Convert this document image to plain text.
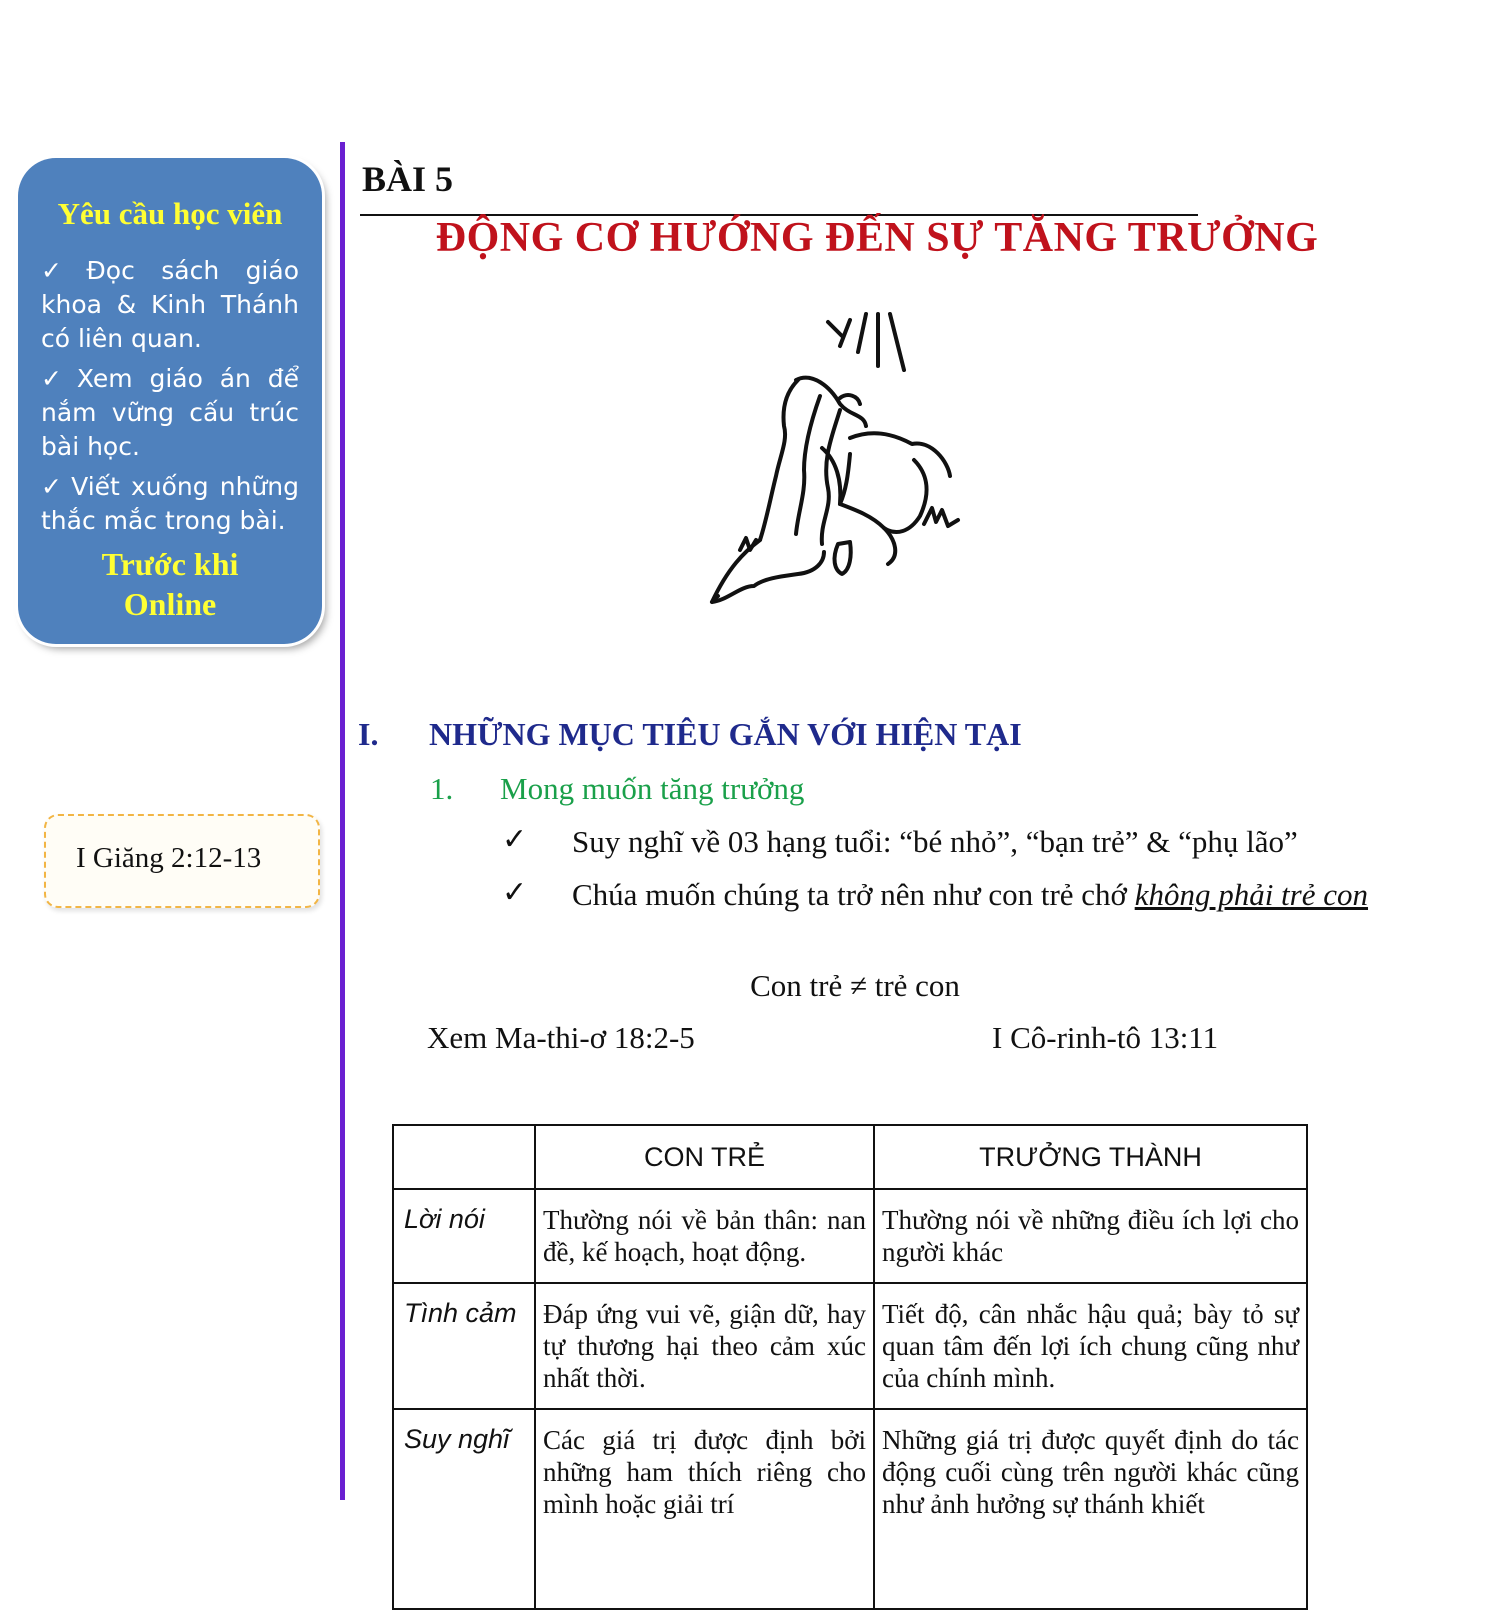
Yêu cầu học viên
✓ Đọc sách giáo khoa & Kinh Thánh có liên quan.
✓ Xem giáo án để nắm vững cấu trúc bài học.
✓ Viết xuống những thắc mắc trong bài.
Trước khi
Online
I Giăng 2:12-13
BÀI 5
ĐỘNG CƠ HƯỚNG ĐẾN SỰ TĂNG TRƯỞNG
I. NHỮNG MỤC TIÊU GẮN VỚI HIỆN TẠI
1. Mong muốn tăng trưởng
✓ Suy nghĩ về 03 hạng tuổi: “bé nhỏ”, “bạn trẻ” & “phụ lão”
✓ Chúa muốn chúng ta trở nên như con trẻ chớ không phải trẻ con
Con trẻ ≠ trẻ con
Xem Ma-thi-ơ 18:2-5	I Cô-rinh-tô 13:11
	CON TRẺ	TRƯỞNG THÀNH
Lời nói	Thường nói về bản thân: nan đề, kế hoạch, hoạt động.	Thường nói về những điều ích lợi cho người khác
Tình cảm	Đáp ứng vui vẽ, giận dữ, hay tự thương hại theo cảm xúc nhất thời.	Tiết độ, cân nhắc hậu quả; bày tỏ sự quan tâm đến lợi ích chung cũng như của chính mình.
Suy nghĩ	Các giá trị được định bởi những ham thích riêng cho mình hoặc giải trí	Những giá trị được quyết định do tác động cuối cùng trên người khác cũng như ảnh hưởng sự thánh khiết
